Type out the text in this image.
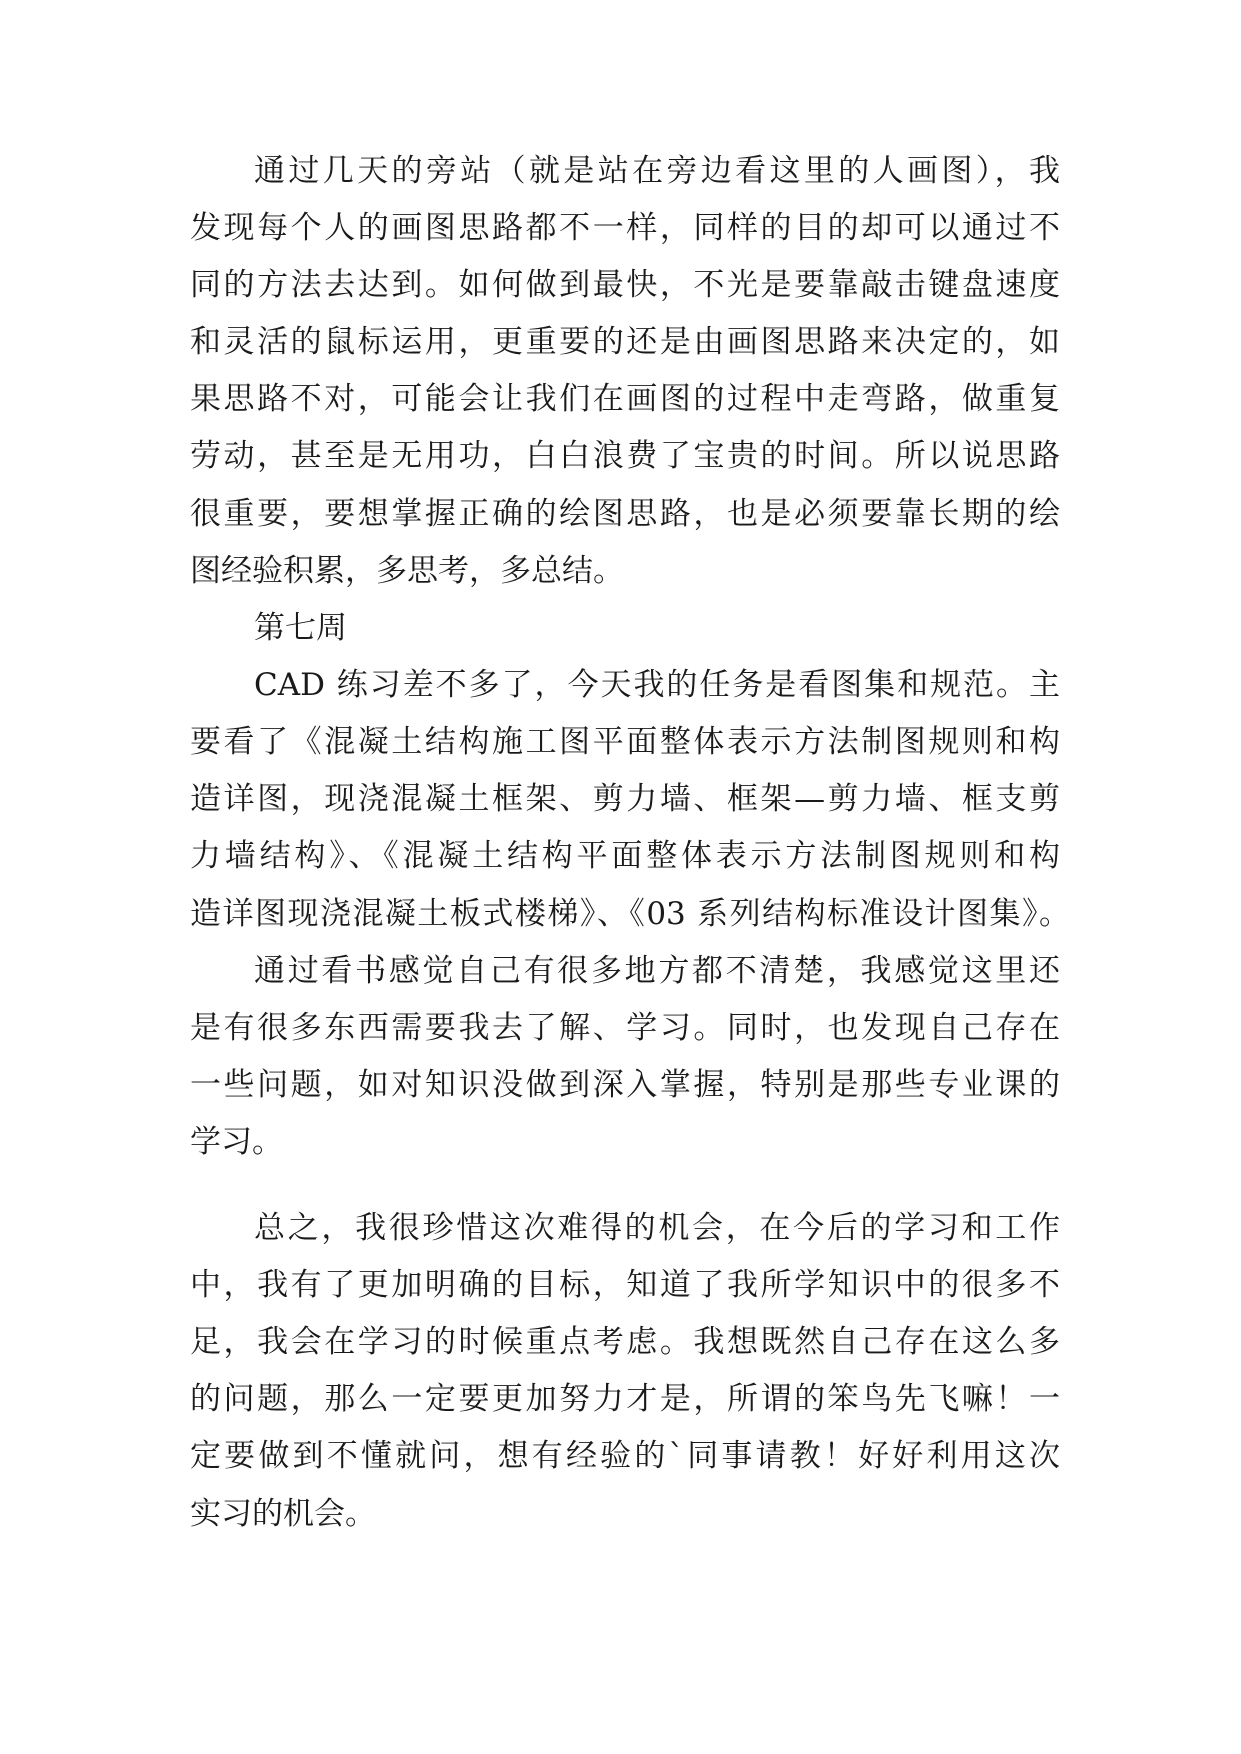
通过几天的旁站（就是站在旁边看这里的人画图），我
发现每个人的画图思路都不一样，同样的目的却可以通过不
同的方法去达到。如何做到最快，不光是要靠敲击键盘速度
和灵活的鼠标运用，更重要的还是由画图思路来决定的，如
果思路不对，可能会让我们在画图的过程中走弯路，做重复
劳动，甚至是无用功，白白浪费了宝贵的时间。所以说思路
很重要，要想掌握正确的绘图思路，也是必须要靠长期的绘
图经验积累，多思考，多总结。
第七周
CAD 练习差不多了，今天我的任务是看图集和规范。主
要看了《混凝土结构施工图平面整体表示方法制图规则和构
造详图，现浇混凝土框架、剪力墙、框架—剪力墙、框支剪
力墙结构》、《混凝土结构平面整体表示方法制图规则和构
造详图现浇混凝土板式楼梯》、《03 系列结构标准设计图集》。
通过看书感觉自己有很多地方都不清楚，我感觉这里还
是有很多东西需要我去了解、学习。同时，也发现自己存在
一些问题，如对知识没做到深入掌握，特别是那些专业课的
学习。
总之，我很珍惜这次难得的机会，在今后的学习和工作
中，我有了更加明确的目标，知道了我所学知识中的很多不
足，我会在学习的时候重点考虑。我想既然自己存在这么多
的问题，那么一定要更加努力才是，所谓的笨鸟先飞嘛！一
定要做到不懂就问，想有经验的`同事请教！好好利用这次
实习的机会。
